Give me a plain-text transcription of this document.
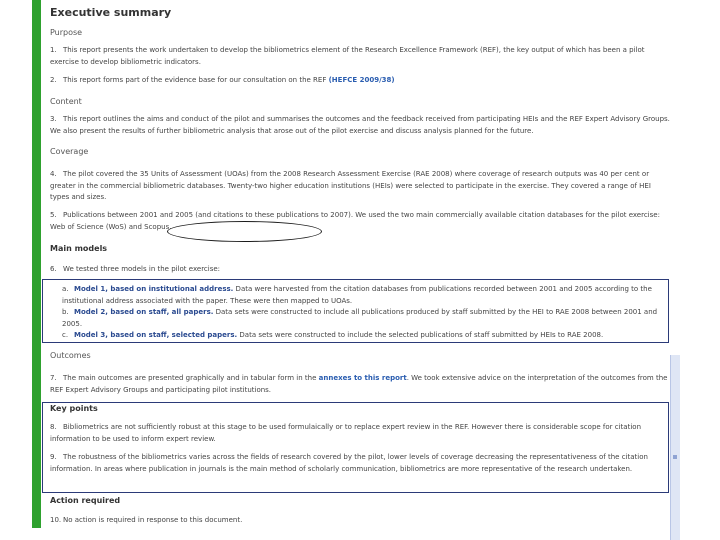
Executive summary
Purpose
1. This report presents the work undertaken to develop the bibliometrics element of the Research Excellence Framework (REF), the key output of which has been a pilot exercise to develop bibliometric indicators.
2. This report forms part of the evidence base for our consultation on the REF (HEFCE 2009/38)
Content
3. This report outlines the aims and conduct of the pilot and summarises the outcomes and the feedback received from participating HEIs and the REF Expert Advisory Groups. We also present the results of further bibliometric analysis that arose out of the pilot exercise and discuss analysis planned for the future.
Coverage
4. The pilot covered the 35 Units of Assessment (UOAs) from the 2008 Research Assessment Exercise (RAE 2008) where coverage of research outputs was 40 per cent or greater in the commercial bibliometric databases. Twenty-two higher education institutions (HEIs) were selected to participate in the exercise. They covered a range of HEI types and sizes.
5. Publications between 2001 and 2005 (and citations to these publications to 2007). We used the two main commercially available citation databases for the pilot exercise: Web of Science (WoS) and Scopus.
Main models
6. We tested three models in the pilot exercise:
a. Model 1, based on institutional address. Data were harvested from the citation databases from publications recorded between 2001 and 2005 according to the institutional address associated with the paper. These were then mapped to UOAs.
b. Model 2, based on staff, all papers. Data sets were constructed to include all publications produced by staff submitted by the HEI to RAE 2008 between 2001 and 2005.
c. Model 3, based on staff, selected papers. Data sets were constructed to include the selected publications of staff submitted by HEIs to RAE 2008.
Outcomes
7. The main outcomes are presented graphically and in tabular form in the annexes to this report. We took extensive advice on the interpretation of the outcomes from the REF Expert Advisory Groups and participating pilot institutions.
Key points
8. Bibliometrics are not sufficiently robust at this stage to be used formulaically or to replace expert review in the REF. However there is considerable scope for citation information to be used to inform expert review.
9. The robustness of the bibliometrics varies across the fields of research covered by the pilot, lower levels of coverage decreasing the representativeness of the citation information. In areas where publication in journals is the main method of scholarly communication, bibliometrics are more representative of the research undertaken.
Action required
10. No action is required in response to this document.
